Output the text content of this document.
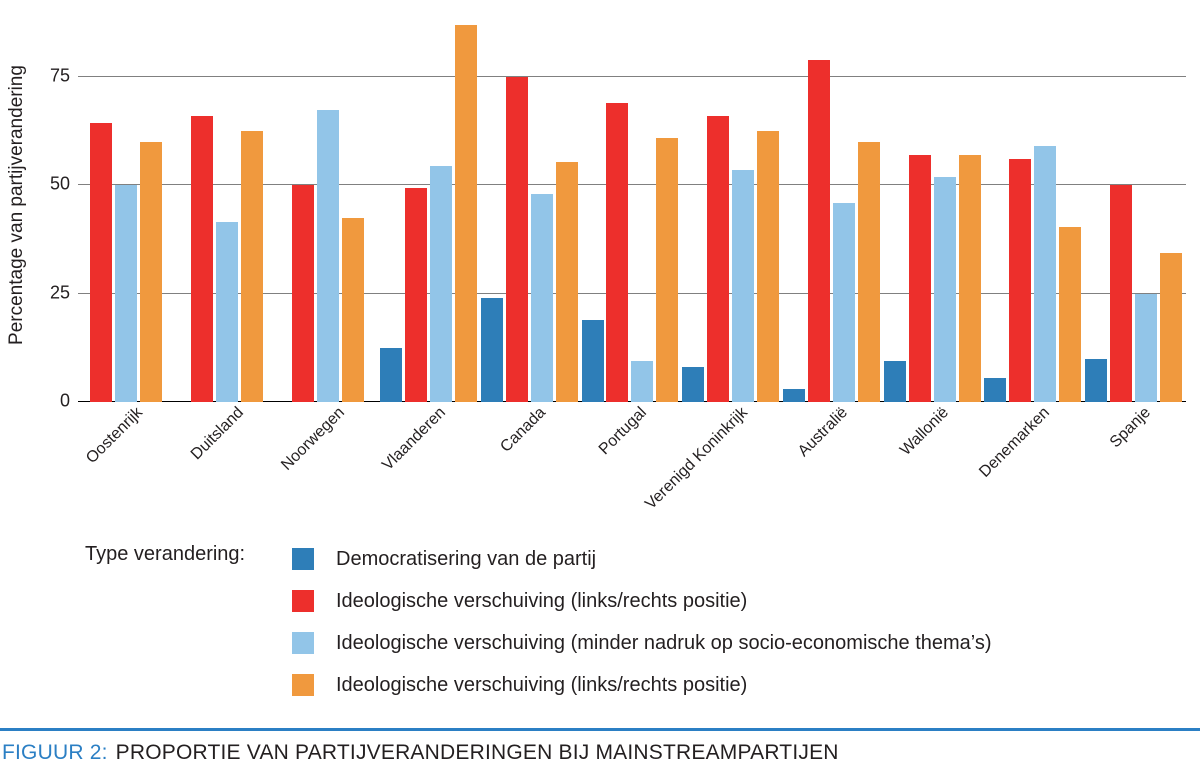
Percentage van partijverandering
0
25
50
75
Oostenrijk	Duitsland	Noorwegen	Vlaanderen	Canada	Portugal
Verenigd Koninkrijk	Australië	Wallonië	Denemarken	Spanje
Type verandering:	Democratisering van de partij
Ideologische verschuiving (links/rechts positie)
Ideologische verschuiving (minder nadruk op socio-economische thema’s)
Ideologische verschuiving (links/rechts positie)
FIGUUR 2: PROPORTIE VAN PARTIJVERANDERINGEN BIJ MAINSTREAMPARTIJEN
